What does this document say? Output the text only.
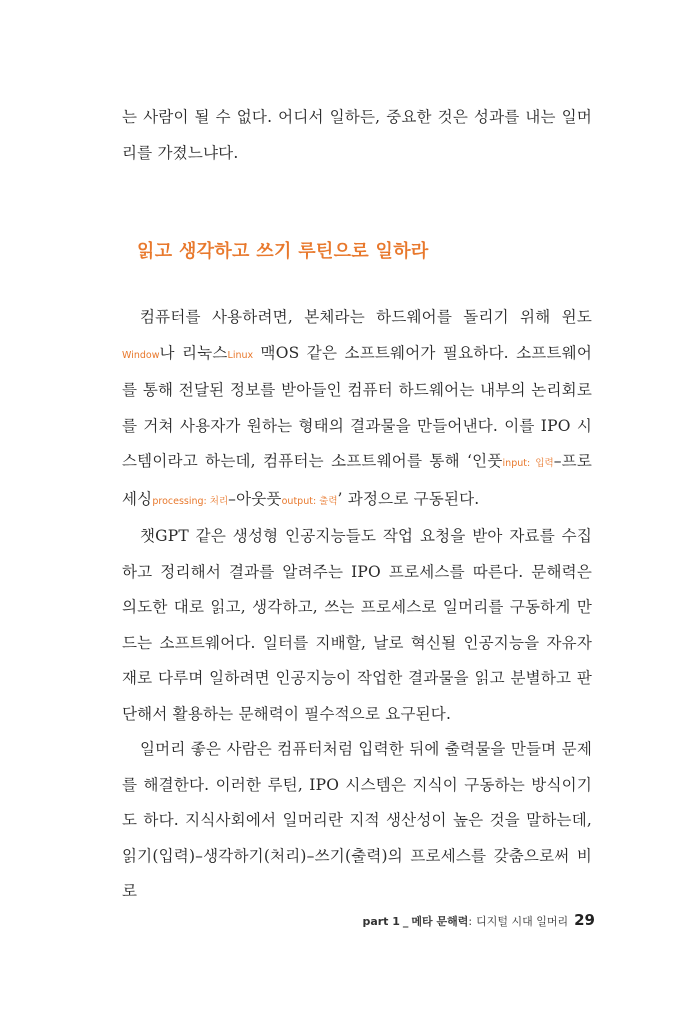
는 사람이 될 수 없다. 어디서 일하든, 중요한 것은 성과를 내는 일머리를 가졌느냐다.
읽고 생각하고 쓰기 루틴으로 일하라

컴퓨터를 사용하려면, 본체라는 하드웨어를 돌리기 위해 윈도Window나 리눅스Linux 맥OS 같은 소프트웨어가 필요하다. 소프트웨어를 통해 전달된 정보를 받아들인 컴퓨터 하드웨어는 내부의 논리회로를 거쳐 사용자가 원하는 형태의 결과물을 만들어낸다. 이를 IPO 시스템이라고 하는데, 컴퓨터는 소프트웨어를 통해 ‘인풋input: 입력–프로세싱processing: 처리–아웃풋output: 출력’ 과정으로 구동된다.

챗GPT 같은 생성형 인공지능들도 작업 요청을 받아 자료를 수집하고 정리해서 결과를 알려주는 IPO 프로세스를 따른다. 문해력은 의도한 대로 읽고, 생각하고, 쓰는 프로세스로 일머리를 구동하게 만드는 소프트웨어다. 일터를 지배할, 날로 혁신될 인공지능을 자유자재로 다루며 일하려면 인공지능이 작업한 결과물을 읽고 분별하고 판단해서 활용하는 문해력이 필수적으로 요구된다.

일머리 좋은 사람은 컴퓨터처럼 입력한 뒤에 출력물을 만들며 문제를 해결한다. 이러한 루틴, IPO 시스템은 지식이 구동하는 방식이기도 하다. 지식사회에서 일머리란 지적 생산성이 높은 것을 말하는데, 읽기(입력)–생각하기(처리)–쓰기(출력)의 프로세스를 갖춤으로써 비로

part 1 _ 메타 문해력 : 디지털 시대 일머리 29
